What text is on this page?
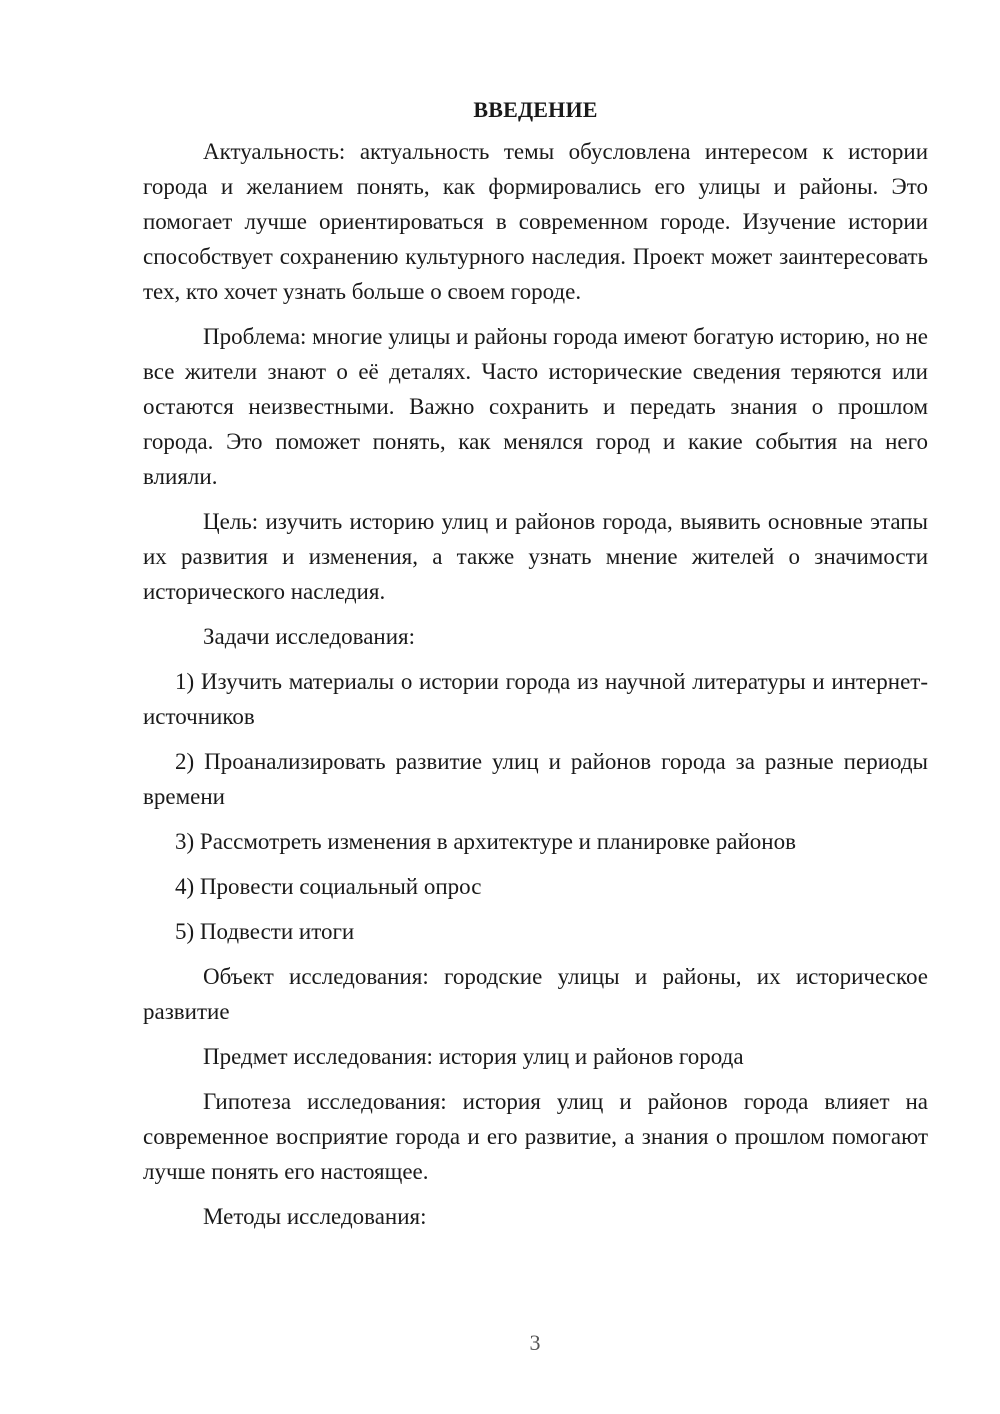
ВВЕДЕНИЕ

Актуальность: актуальность темы обусловлена интересом к истории города и желанием понять, как формировались его улицы и районы. Это помогает лучше ориентироваться в современном городе. Изучение истории способствует сохранению культурного наследия. Проект может заинтересовать тех, кто хочет узнать больше о своем городе.

Проблема: многие улицы и районы города имеют богатую историю, но не все жители знают о её деталях. Часто исторические сведения теряются или остаются неизвестными. Важно сохранить и передать знания о прошлом города. Это поможет понять, как менялся город и какие события на него влияли.

Цель: изучить историю улиц и районов города, выявить основные этапы их развития и изменения, а также узнать мнение жителей о значимости исторического наследия.

Задачи исследования:

1) Изучить материалы о истории города из научной литературы и интернет-источников

2) Проанализировать развитие улиц и районов города за разные периоды времени

3) Рассмотреть изменения в архитектуре и планировке районов

4) Провести социальный опрос

5) Подвести итоги

Объект исследования: городские улицы и районы, их историческое развитие

Предмет исследования: история улиц и районов города

Гипотеза исследования: история улиц и районов города влияет на современное восприятие города и его развитие, а знания о прошлом помогают лучше понять его настоящее.

Методы исследования:

3
